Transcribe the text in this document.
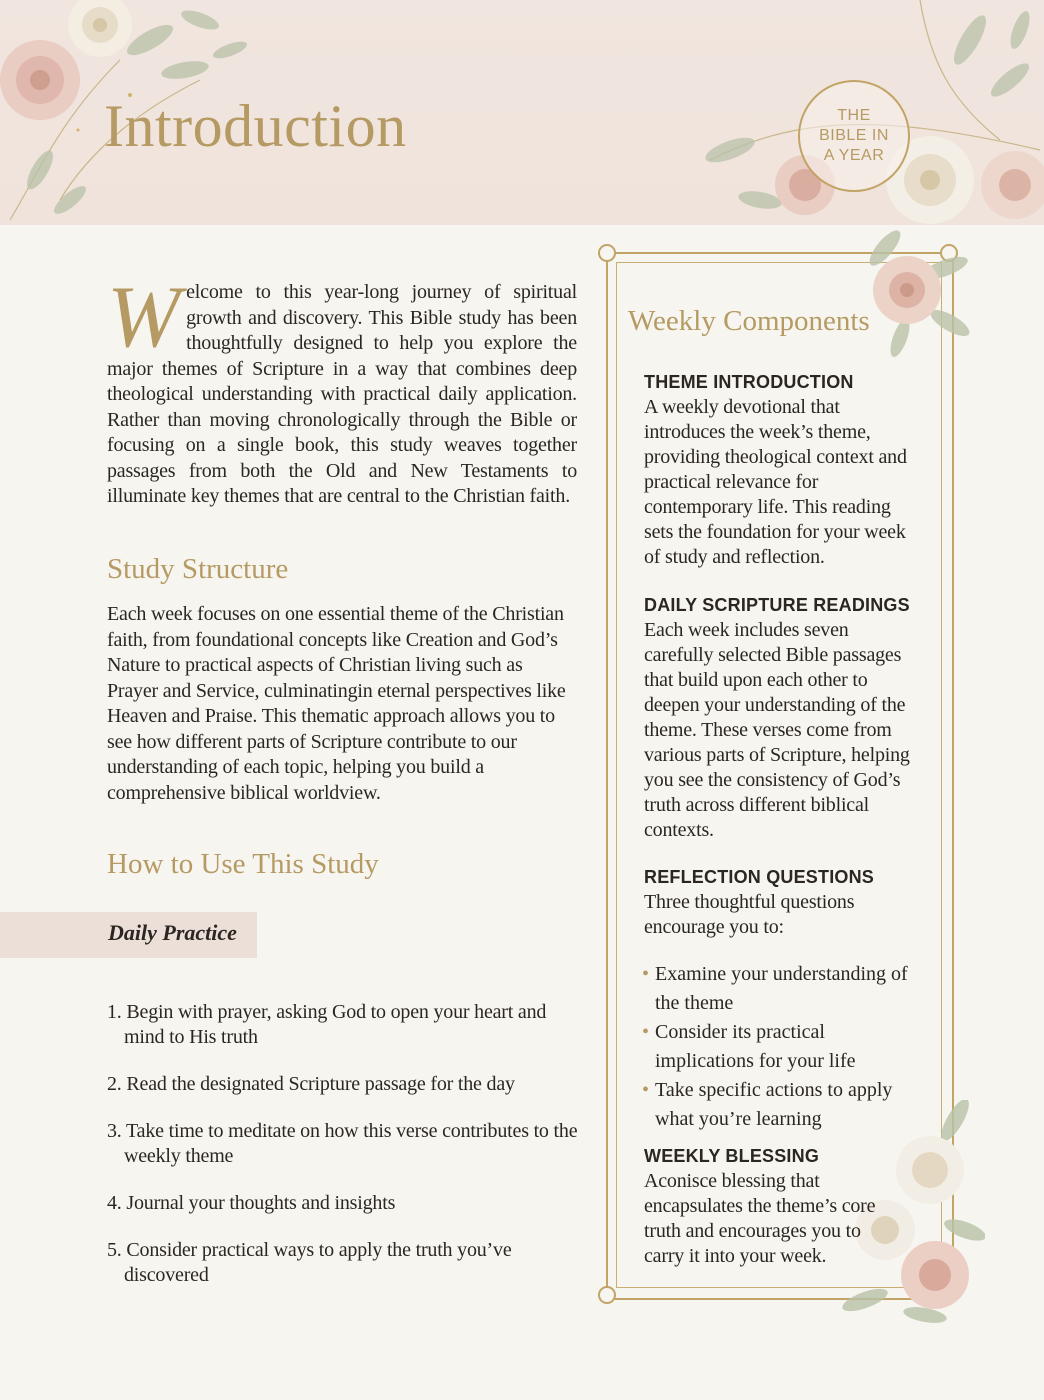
Introduction	THE
BIBLE IN
A YEAR

Welcome to this year-long journey of spiritual growth and discovery. This Bible study has been thoughtfully designed to help you explore the major themes of Scripture in a way that combines deep theological understanding with practical daily application. Rather than moving chronologically through the Bible or focusing on a single book, this study weaves together passages from both the Old and New Testaments to illuminate key themes that are central to the Christian faith.

Study Structure

Each week focuses on one essential theme of the Christian faith, from foundational concepts like Creation and God’s Nature to practical aspects of Christian living such as Prayer and Service, culminatingin eternal perspectives like Heaven and Praise. This thematic approach allows you to see how different parts of Scripture contribute to our understanding of each topic, helping you build a comprehensive biblical worldview.

How to Use This Study
Daily Practice
1. Begin with prayer, asking God to open your heart and mind to His truth
2. Read the designated Scripture passage for the day
3. Take time to meditate on how this verse contributes to the weekly theme
4. Journal your thoughts and insights
5. Consider practical ways to apply the truth you’ve discovered
Weekly Components
THEME INTRODUCTION

A weekly devotional that introduces the week’s theme, providing theological context and practical relevance for contemporary life. This reading sets the foundation for your week of study and reflection.

DAILY SCRIPTURE READINGS

Each week includes seven carefully selected Bible passages that build upon each other to deepen your understanding of the theme. These verses come from various parts of Scripture, helping you see the consistency of God’s truth across different biblical contexts.

REFLECTION QUESTIONS

Three thoughtful questions encourage you to:

• Examine your understanding of the theme
• Consider its practical implications for your life
• Take specific actions to apply what you’re learning
WEEKLY BLESSING

Aconisce blessing that encapsulates the theme’s core truth and encourages you to carry it into your week.
